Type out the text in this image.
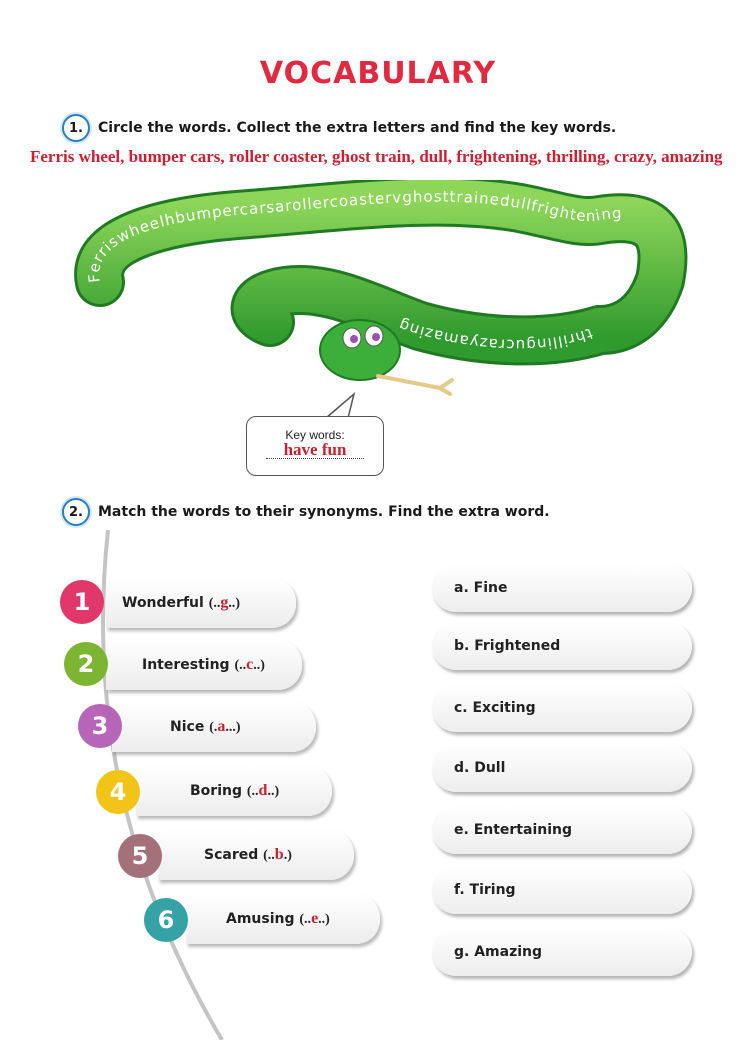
VOCABULARY
1.	Circle the words. Collect the extra letters and find the key words.
Ferris wheel, bumper cars, roller coaster, ghost train, dull, frightening, thrilling, crazy, amazing
Ferriswheelhbumpercarsarollercoastervghosttrainedullfrightening
thrillingucrazyamazing
Key words:
have fun
2.	Match the words to their synonyms. Find the extra word.
Wonderful
(..g..)
Interesting
(..c..)
Nice
(.a...)
Boring
(..d..)
Scared
(..b.)
Amusing
(..e..)
1
2
3
4
5
6
a. Fine
b. Frightened
c. Exciting
d. Dull
e. Entertaining
f. Tiring
g. Amazing
